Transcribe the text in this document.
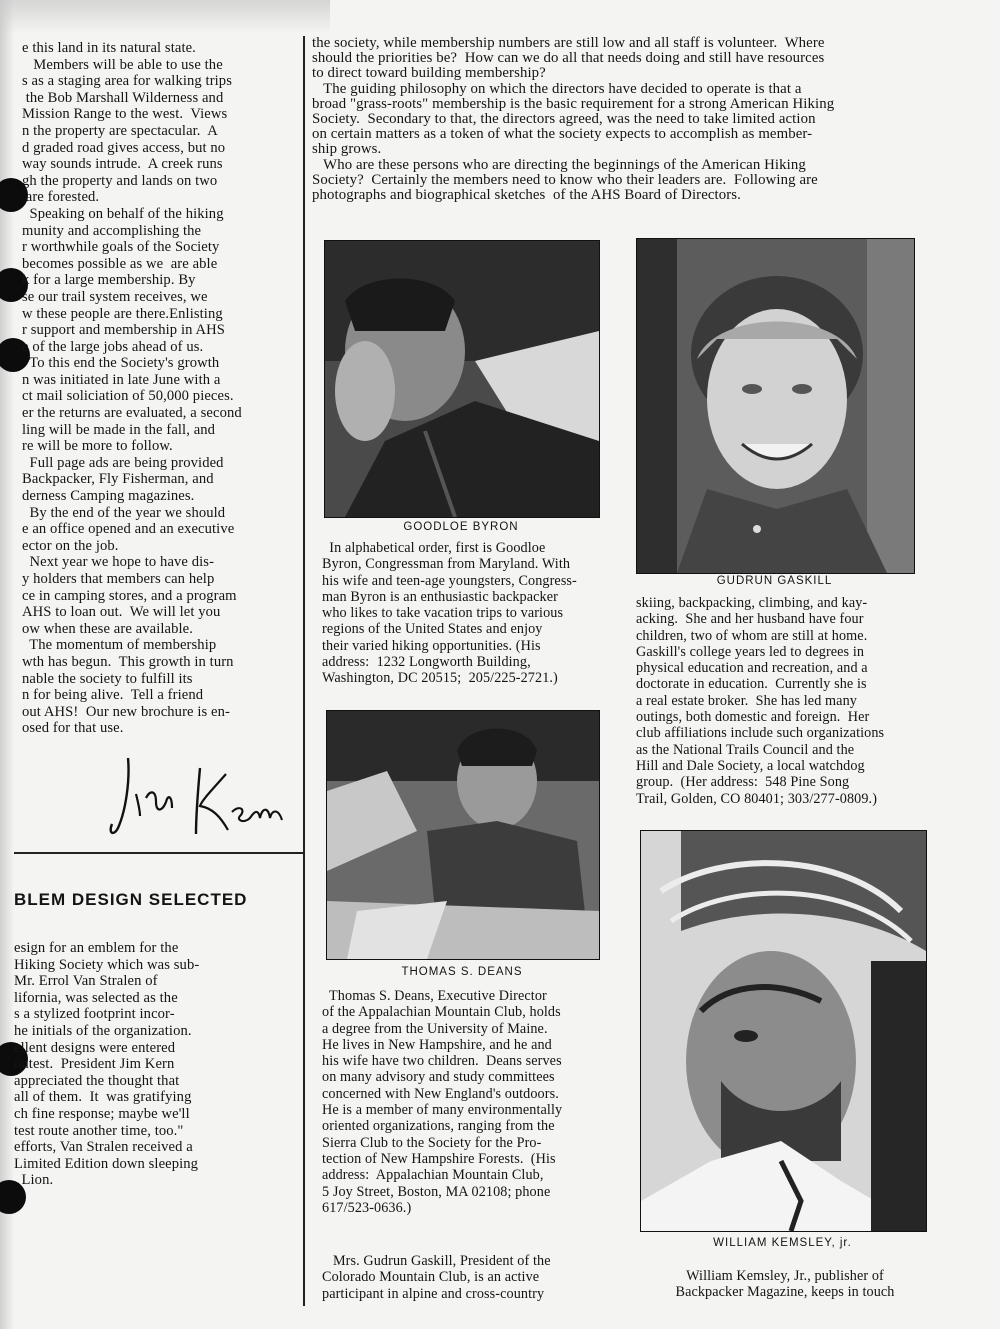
e this land in its natural state.
Members will be able to use the
s as a staging area for walking trips
the Bob Marshall Wilderness and
Mission Range to the west.  Views
n the property are spectacular.  A
d graded road gives access, but no
way sounds intrude.  A creek runs
gh the property and lands on two
are forested.
Speaking on behalf of the hiking
munity and accomplishing the
r worthwhile goals of the Society
becomes possible as we  are able
k for a large membership. By
se our trail system receives, we
w these people are there.Enlisting
r support and membership in AHS
e of the large jobs ahead of us.
To this end the Society's growth
n was initiated in late June with a
ct mail soliciation of 50,000 pieces.
er the returns are evaluated, a second
ling will be made in the fall, and
re will be more to follow.
Full page ads are being provided
Backpacker, Fly Fisherman, and
derness Camping magazines.
By the end of the year we should
e an office opened and an executive
ector on the job.
Next year we hope to have dis-
y holders that members can help
ce in camping stores, and a program
AHS to loan out.  We will let you
ow when these are available.
The momentum of membership
wth has begun.  This growth in turn
nable the society to fulfill its
n for being alive.  Tell a friend
out AHS!  Our new brochure is en-
osed for that use.
BLEM DESIGN SELECTED
esign for an emblem for the
Hiking Society which was sub-
Mr. Errol Van Stralen of
lifornia, was selected as the
s a stylized footprint incor-
he initials of the organization.
ellent designs were entered
ontest.  President Jim Kern
appreciated the thought that
all of them.  It  was gratifying
ch fine response; maybe we'll
test route another time, too."
efforts, Van Stralen received a
Limited Edition down sleeping
Lion.
the society, while membership numbers are still low and all staff is volunteer.  Where
should the priorities be?  How can we do all that needs doing and still have resources
to direct toward building membership?
The guiding philosophy on which the directors have decided to operate is that a
broad "grass-roots" membership is the basic requirement for a strong American Hiking
Society.  Secondary to that, the directors agreed, was the need to take limited action
on certain matters as a token of what the society expects to accomplish as member-
ship grows.
Who are these persons who are directing the beginnings of the American Hiking
Society?  Certainly the members need to know who their leaders are.  Following are
photographs and biographical sketches  of the AHS Board of Directors.
GOODLOE BYRON
In alphabetical order, first is Goodloe
Byron, Congressman from Maryland. With
his wife and teen-age youngsters, Congress-
man Byron is an enthusiastic backpacker
who likes to take vacation trips to various
regions of the United States and enjoy
their varied hiking opportunities. (His
address:  1232 Longworth Building,
Washington, DC 20515;  205/225-2721.)
GUDRUN GASKILL
skiing, backpacking, climbing, and kay-
acking.  She and her husband have four
children, two of whom are still at home.
Gaskill's college years led to degrees in
physical education and recreation, and a
doctorate in education.  Currently she is
a real estate broker.  She has led many
outings, both domestic and foreign.  Her
club affiliations include such organizations
as the National Trails Council and the
Hill and Dale Society, a local watchdog
group.  (Her address:  548 Pine Song
Trail, Golden, CO 80401; 303/277-0809.)
THOMAS S. DEANS
Thomas S. Deans, Executive Director
of the Appalachian Mountain Club, holds
a degree from the University of Maine.
He lives in New Hampshire, and he and
his wife have two children.  Deans serves
on many advisory and study committees
concerned with New England's outdoors.
He is a member of many environmentally
oriented organizations, ranging from the
Sierra Club to the Society for the Pro-
tection of New Hampshire Forests.  (His
address:  Appalachian Mountain Club,
5 Joy Street, Boston, MA 02108; phone
617/523-0636.)
Mrs. Gudrun Gaskill, President of the
Colorado Mountain Club, is an active
participant in alpine and cross-country
WILLIAM KEMSLEY, jr.
William Kemsley, Jr., publisher of
Backpacker Magazine, keeps in touch
